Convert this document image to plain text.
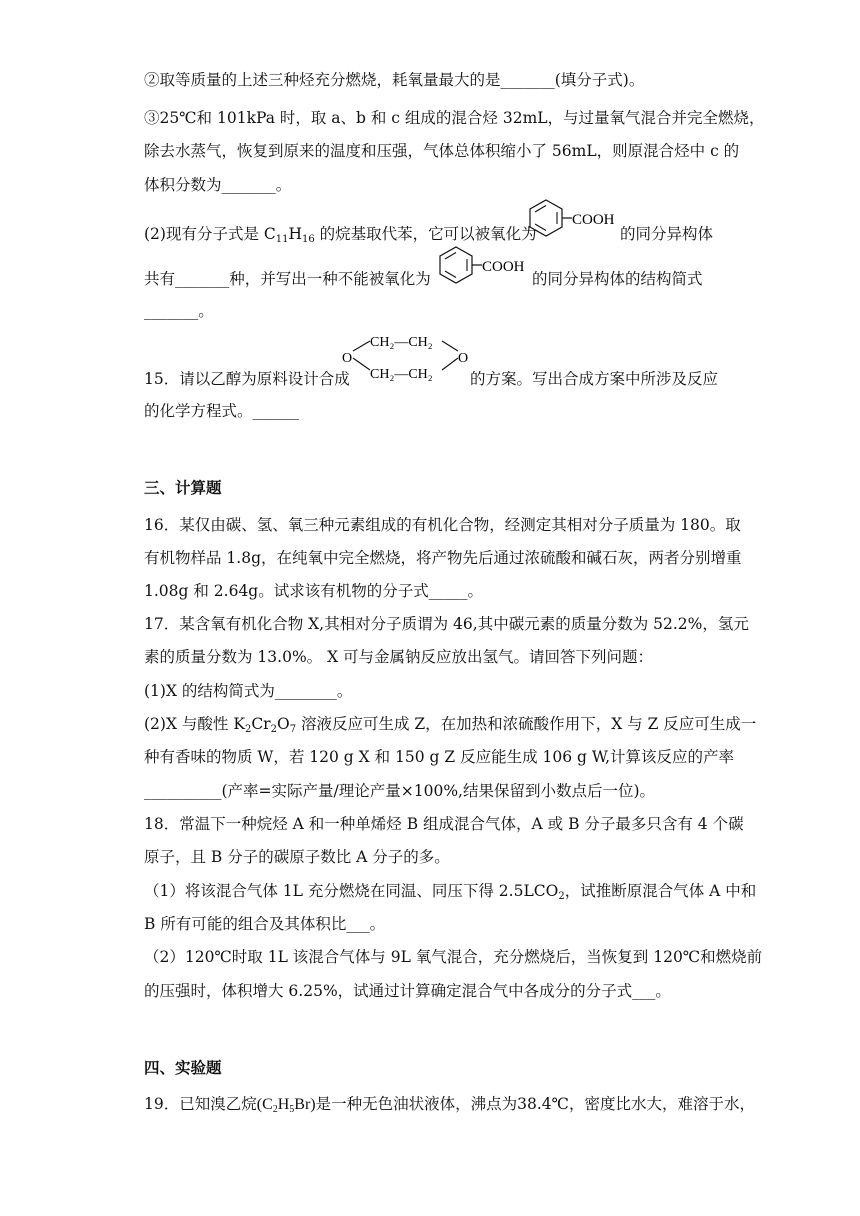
②取等质量的上述三种烃充分燃烧，耗氧量最大的是_______(填分子式)。
③25℃和 101kPa 时，取 a、b 和 c 组成的混合烃 32mL，与过量氧气混合并完全燃烧，
除去水蒸气，恢复到原来的温度和压强，气体总体积缩小了 56mL，则原混合烃中 c 的
体积分数为_______。
(2)现有分子式是 $C_{11}H_{16}$ 的烷基取代苯，它可以被氧化为
COOH
的同分异构体
共有_______种，并写出一种不能被氧化为
COOH
的同分异构体的结构简式
_______。
15．请以乙醇为原料设计合成
CH₂—CH₂
CH₂—CH₂
O	O
的方案。写出合成方案中所涉及反应
的化学方程式。______
三、计算题
16．某仅由碳、氢、氧三种元素组成的有机化合物，经测定其相对分子质量为 180。取
有机物样品 1.8g，在纯氧中完全燃烧，将产物先后通过浓硫酸和碱石灰，两者分别增重
1.08g 和 2.64g。试求该有机物的分子式_____。
17．某含氧有机化合物 X,其相对分子质谓为 46,其中碳元素的质量分数为 52.2%，氢元
素的质量分数为 13.0%。 X 可与金属钠反应放出氢气。请回答下列问题：
(1)X 的结构简式为________。
(2)X 与酸性 $K_2Cr_2O_7$ 溶液反应可生成 Z，在加热和浓硫酸作用下，X 与 Z 反应可生成一
种有香味的物质 W，若 120 g X 和 150 g Z 反应能生成 106 g W,计算该反应的产率
__________(产率=实际产量/理论产量×100%,结果保留到小数点后一位)。
18．常温下一种烷烃 A 和一种单烯烃 B 组成混合气体，A 或 B 分子最多只含有 4 个碳
原子，且 B 分子的碳原子数比 A 分子的多。
（1）将该混合气体 1L 充分燃烧在同温、同压下得 $2.5LCO_2$，试推断原混合气体 A 中和
B 所有可能的组合及其体积比___。
（2）120℃时取 1L 该混合气体与 9L 氧气混合，充分燃烧后，当恢复到 120℃和燃烧前
的压强时，体积增大 6.25%，试通过计算确定混合气中各成分的分子式___。
四、实验题
19．已知溴乙烷$(C_2H_5Br)$是一种无色油状液体，沸点为38.4℃，密度比水大，难溶于水，
